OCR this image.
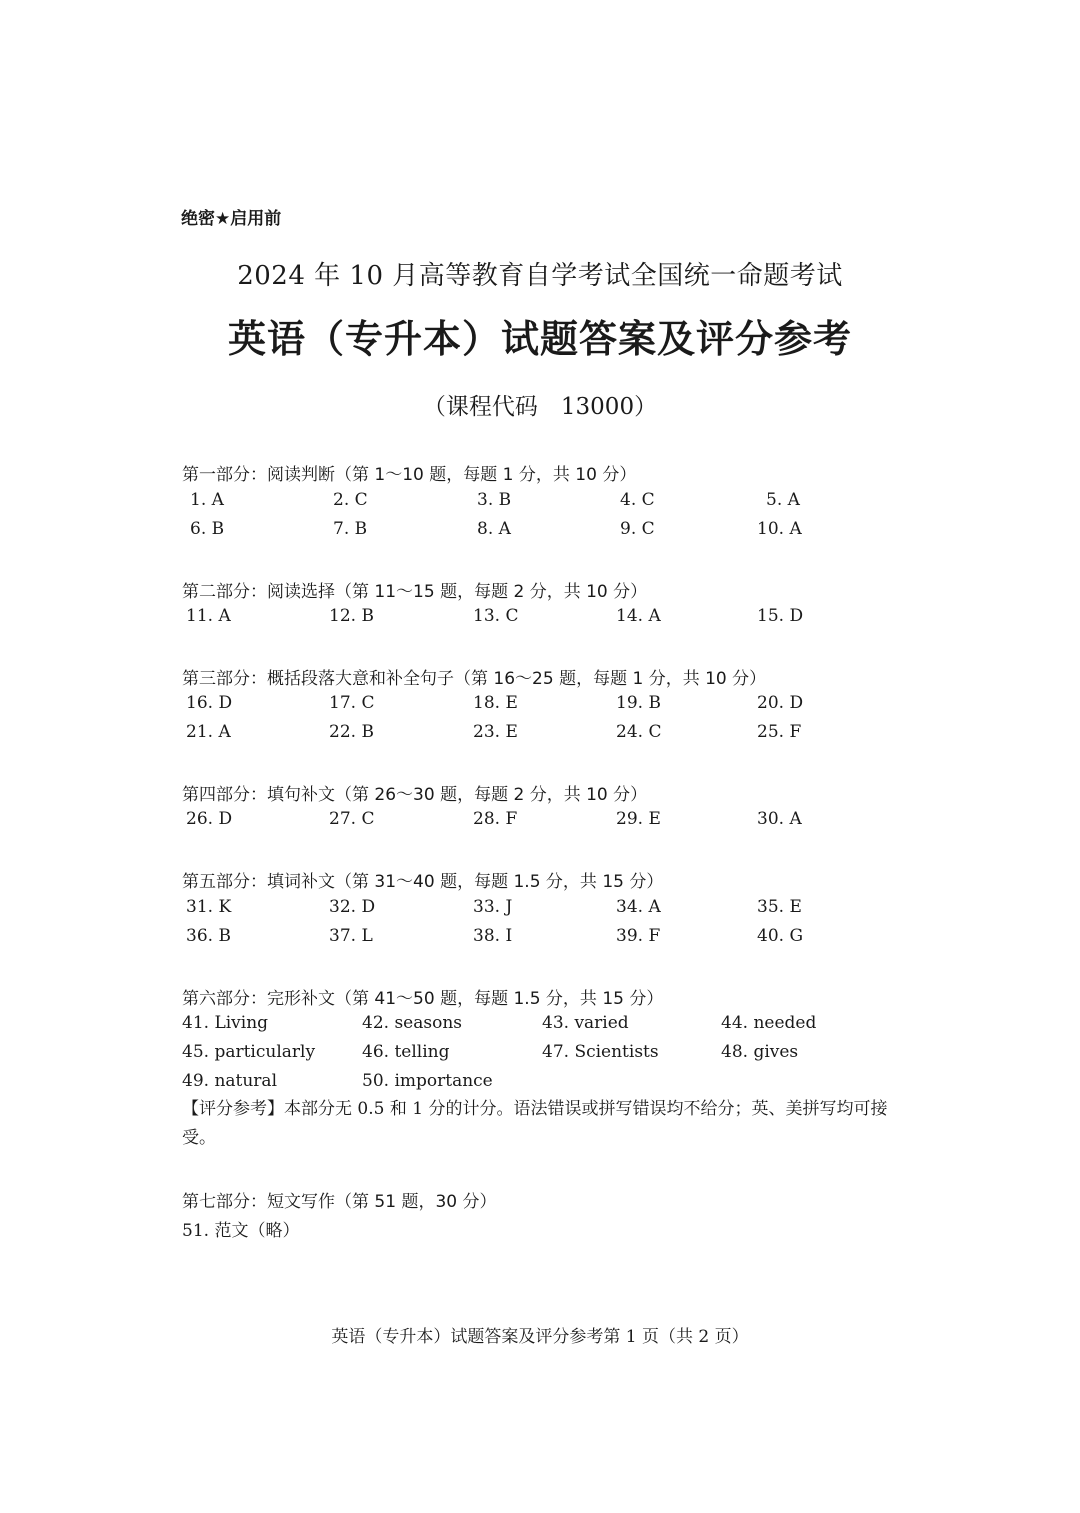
绝密★启用前
2024 年 10 月高等教育自学考试全国统一命题考试
英语（专升本）试题答案及评分参考
（课程代码　13000）
第一部分：阅读判断（第 1～10 题，每题 1 分，共 10 分）
1. A	2. C	3. B	4. C	5. A
6. B	7. B	8. A	9. C	10. A
第二部分：阅读选择（第 11～15 题，每题 2 分，共 10 分）
11. A	12. B	13. C	14. A	15. D
第三部分：概括段落大意和补全句子（第 16～25 题，每题 1 分，共 10 分）
16. D	17. C	18. E	19. B	20. D
21. A	22. B	23. E	24. C	25. F
第四部分：填句补文（第 26～30 题，每题 2 分，共 10 分）
26. D	27. C	28. F	29. E	30. A
第五部分：填词补文（第 31～40 题，每题 1.5 分，共 15 分）
31. K	32. D	33. J	34. A	35. E
36. B	37. L	38. I	39. F	40. G
第六部分：完形补文（第 41～50 题，每题 1.5 分，共 15 分）
41. Living	42. seasons	43. varied	44. needed
45. particularly	46. telling	47. Scientists	48. gives
49. natural	50. importance
【评分参考】本部分无 0.5 和 1 分的计分。语法错误或拼写错误均不给分；英、美拼写均可接受。
第七部分：短文写作（第 51 题，30 分）
51. 范文（略）
英语（专升本）试题答案及评分参考第 1 页（共 2 页）
